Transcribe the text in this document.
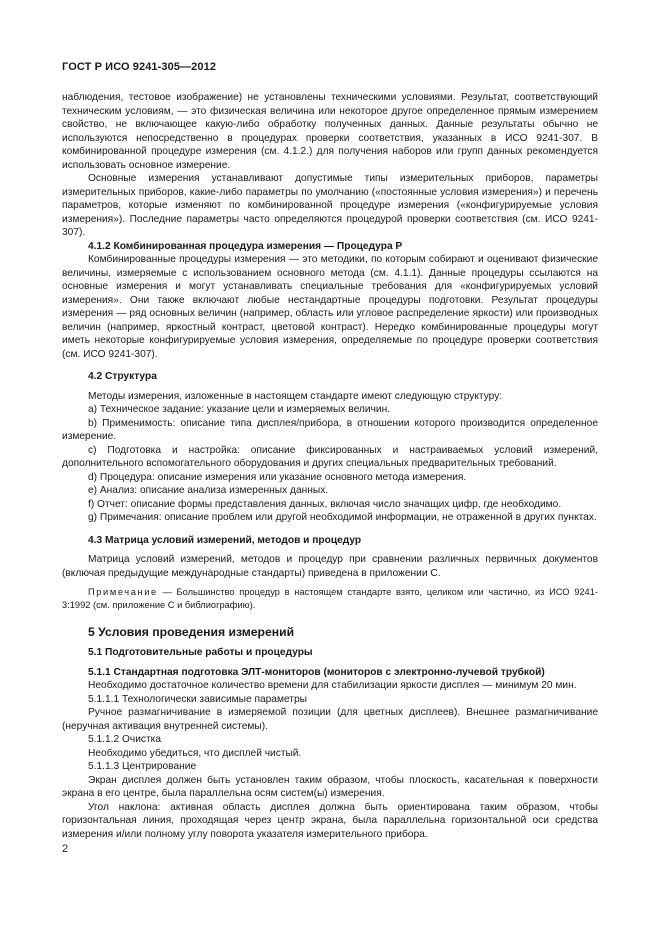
ГОСТ Р ИСО 9241-305—2012

наблюдения, тестовое изображение) не установлены техническими условиями. Результат, соответствующий техническим условиям, — это физическая величина или некоторое другое определенное прямым измерением свойство, не включающее какую-либо обработку полученных данных. Данные результаты обычно не используются непосредственно в процедурах проверки соответствия, указанных в ИСО 9241-307. В комбинированной процедуре измерения (см. 4.1.2.) для получения наборов или групп данных рекомендуется использовать основное измерение.

Основные измерения устанавливают допустимые типы измерительных приборов, параметры измерительных приборов, какие-либо параметры по умолчанию («постоянные условия измерения») и перечень параметров, которые изменяют по комбинированной процедуре измерения («конфигурируемые условия измерения»). Последние параметры часто определяются процедурой проверки соответствия (см. ИСО 9241-307).

4.1.2 Комбинированная процедура измерения — Процедура Р

Комбинированные процедуры измерения — это методики, по которым собирают и оценивают физические величины, измеряемые с использованием основного метода (см. 4.1.1). Данные процедуры ссылаются на основные измерения и могут устанавливать специальные требования для «конфигурируемых условий измерения». Они также включают любые нестандартные процедуры подготовки. Результат процедуры измерения — ряд основных величин (например, область или угловое распределение яркости) или производных величин (например, яркостный контраст, цветовой контраст). Нередко комбинированные процедуры могут иметь некоторые конфигурируемые условия измерения, определяемые по процедуре проверки соответствия (см. ИСО 9241-307).

4.2 Структура

Методы измерения, изложенные в настоящем стандарте имеют следующую структуру:

a) Техническое задание: указание цели и измеряемых величин.

b) Применимость: описание типа дисплея/прибора, в отношении которого производится определенное измерение.

c) Подготовка и настройка: описание фиксированных и настраиваемых условий измерений, дополнительного вспомогательного оборудования и других специальных предварительных требований.

d) Процедура: описание измерения или указание основного метода измерения.

e) Анализ: описание анализа измеренных данных.

f) Отчет: описание формы представления данных, включая число значащих цифр, где необходимо.

g) Примечания: описание проблем или другой необходимой информации, не отраженной в других пунктах.

4.3 Матрица условий измерений, методов и процедур

Матрица условий измерений, методов и процедур при сравнении различных первичных документов (включая предыдущие международные стандарты) приведена в приложении С.

Примечание — Большинство процедур в настоящем стандарте взято, целиком или частично, из ИСО 9241-3:1992 (см. приложение С и библиографию).

5 Условия проведения измерений

5.1 Подготовительные работы и процедуры

5.1.1 Стандартная подготовка ЭЛТ-мониторов (мониторов с электронно-лучевой трубкой)

Необходимо достаточное количество времени для стабилизации яркости дисплея — минимум 20 мин.

5.1.1.1 Технологически зависимые параметры

Ручное размагничивание в измеряемой позиции (для цветных дисплеев). Внешнее размагничивание (неручная активация внутренней системы).

5.1.1.2 Очистка

Необходимо убедиться, что дисплей чистый.

5.1.1.3 Центрирование

Экран дисплея должен быть установлен таким образом, чтобы плоскость, касательная к поверхности экрана в его центре, была параллельна осям систем(ы) измерения.

Угол наклона: активная область дисплея должна быть ориентирована таким образом, чтобы горизонтальная линия, проходящая через центр экрана, была параллельна горизонтальной оси средства измерения и/или полному углу поворота указателя измерительного прибора.

2
